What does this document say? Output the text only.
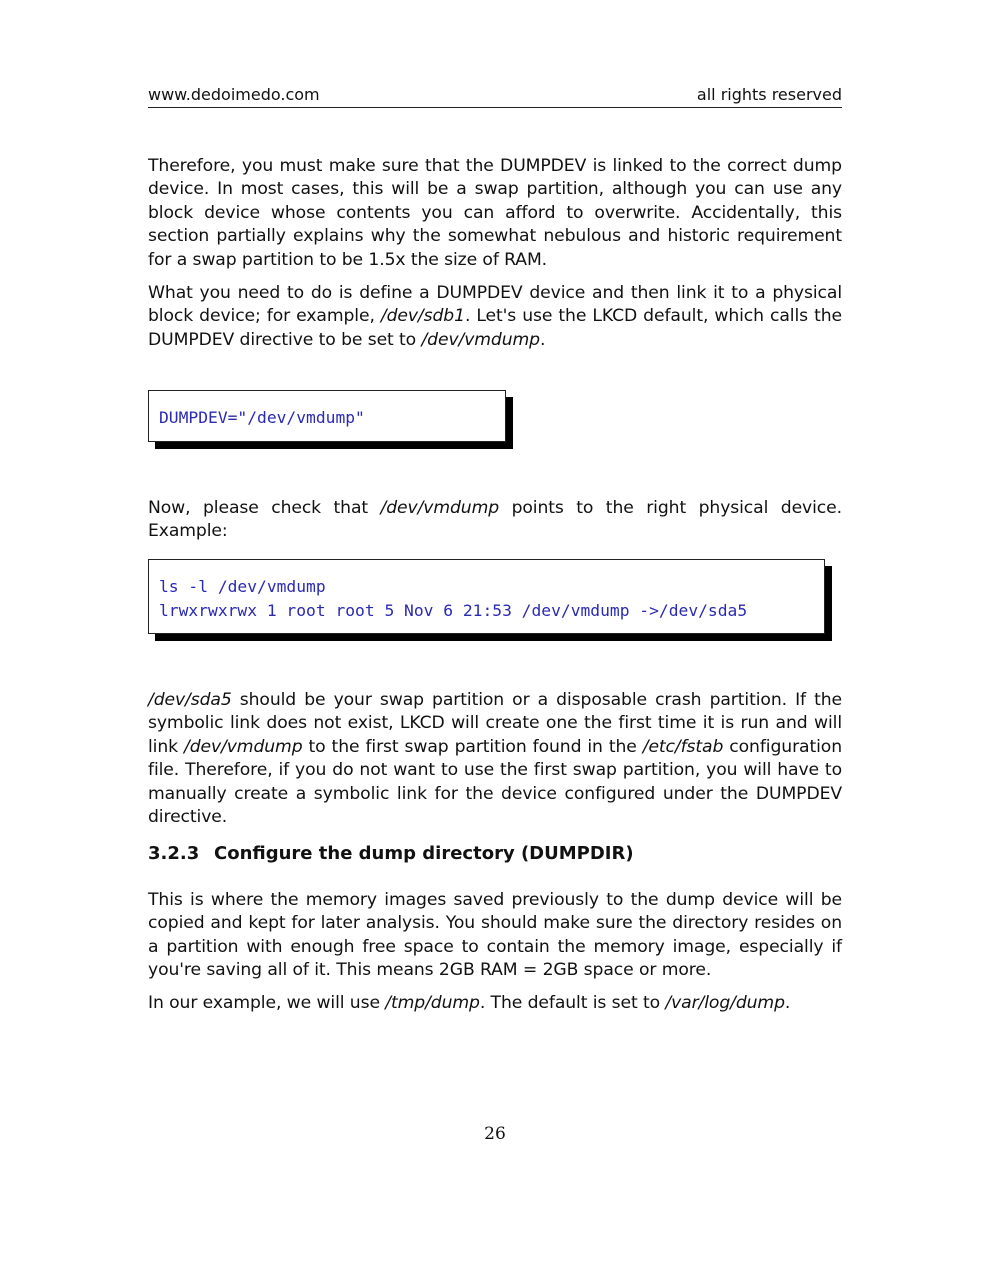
www.dedoimedo.com	all rights reserved

Therefore, you must make sure that the DUMPDEV is linked to the correct dump device. In most cases, this will be a swap partition, although you can use any block device whose contents you can afford to overwrite. Accidentally, this section partially explains why the somewhat nebulous and historic requirement for a swap partition to be 1.5x the size of RAM.

What you need to do is define a DUMPDEV device and then link it to a physical block device; for example, /dev/sdb1. Let's use the LKCD default, which calls the DUMPDEV directive to be set to /dev/vmdump.

DUMPDEV="/dev/vmdump"

Now, please check that /dev/vmdump points to the right physical device. Example:

ls -l /dev/vmdump
lrwxrwxrwx 1 root root 5 Nov 6 21:53 /dev/vmdump ->/dev/sda5

/dev/sda5 should be your swap partition or a disposable crash partition. If the symbolic link does not exist, LKCD will create one the first time it is run and will link /dev/vmdump to the first swap partition found in the /etc/fstab configuration file. Therefore, if you do not want to use the first swap partition, you will have to manually create a symbolic link for the device configured under the DUMPDEV directive.

3.2.3 Configure the dump directory (DUMPDIR)

This is where the memory images saved previously to the dump device will be copied and kept for later analysis. You should make sure the directory resides on a partition with enough free space to contain the memory image, especially if you're saving all of it. This means 2GB RAM = 2GB space or more.

In our example, we will use /tmp/dump. The default is set to /var/log/dump.

26
